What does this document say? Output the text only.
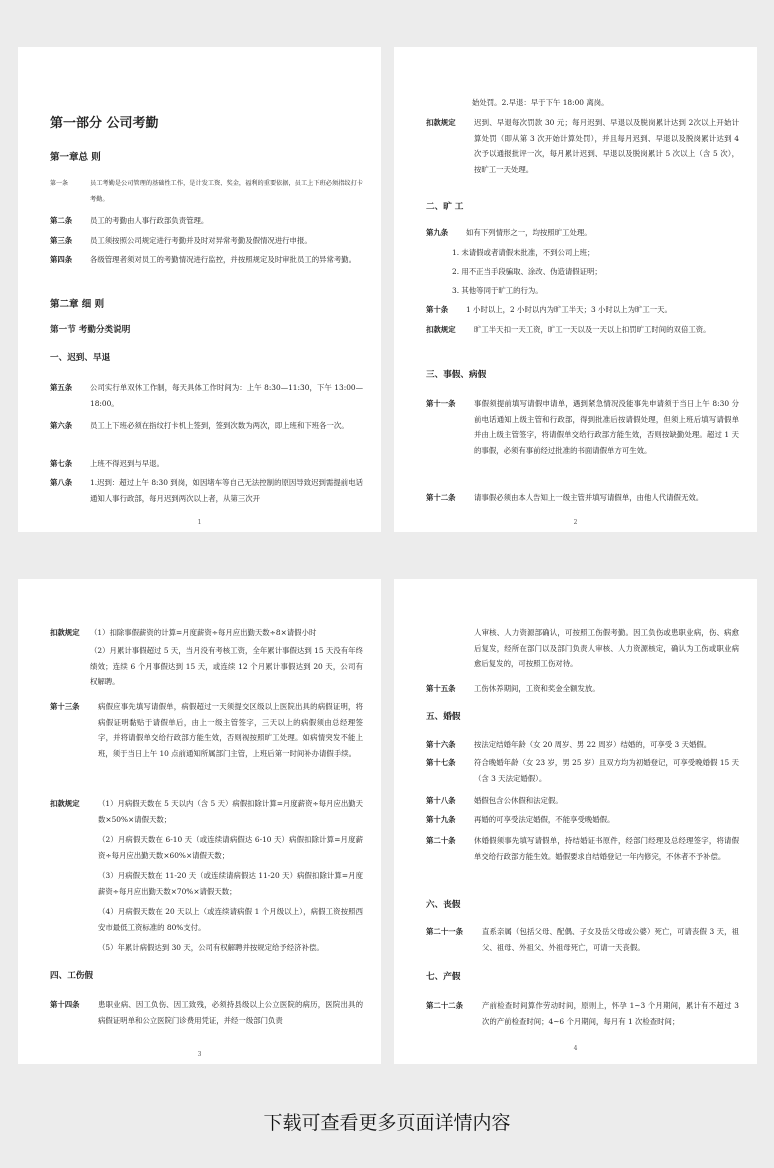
第一部分 公司考勤
第一章总 则
第一条	员工考勤是公司管理的基础性工作，是计发工资、奖金，福利的重要依据，员工上下班必须指纹打卡考勤。
第二条 员工的考勤由人事行政部负责管理。
第三条 员工须按照公司规定进行考勤并及时对异常考勤及假情况进行申报。
第四条 各级管理者须对员工的考勤情况进行监控，并按照规定及时审批员工的异常考勤。
第二章 细 则
第一节 考勤分类说明
一、迟到、早退
第五条 公司实行单双休工作制，每天具体工作时间为：上午 8:30—11:30，下午 13:00—18:00。
第六条 员工上下班必须在指纹打卡机上签到，签到次数为两次，即上班和下班各一次。
第七条 上班不得迟到与早退。
第八条 1.迟到：超过上午 8:30 到岗，如因堵车等自己无法控制的原因导致迟到需提前电话通知人事行政部，每月迟到两次以上者，从第三次开
1
始处罚。2.早退：早于下午 18:00 离岗。
扣款规定 迟到、早退每次罚款 30 元；每月迟到、早退以及脱岗累计达到 2次以上开始计算处罚（即从第 3 次开始计算处罚），并且每月迟到、早退以及脱岗累计达到 4 次予以通报批评一次，每月累计迟到、早退以及脱岗累计 5 次以上（含 5 次），按旷工一天处理。
二、旷 工
第九条 如有下列情形之一，均按照旷工处理。
1. 未请假或者请假未批准，不到公司上班；
2. 用不正当手段骗取、涂改、伪造请假证明；
3. 其他等同于旷工的行为。
第十条 1 小时以上，2 小时以内为旷工半天；3 小时以上为旷工一天。
扣款规定 旷工半天扣一天工资，旷工一天以及一天以上扣罚旷工时间的双倍工资。
三、事假、病假
第十一条 事假须提前填写请假申请单，遇到紧急情况没能事先申请须于当日上午 8:30 分前电话通知上级主管和行政部，得到批准后按请假处理，但须上班后填写请假单并由上级主管签字，将请假单交给行政部方能生效，否则按缺勤处理。超过 1 天的事假，必须有事前经过批准的书面请假单方可生效。
第十二条 请事假必须由本人告知上一级主管并填写请假单，由他人代请假无效。
2
扣款规定 （1）扣除事假薪资的计算=月度薪资÷每月应出勤天数÷8×请假小时
（2）月累计事假超过 5 天，当月没有考核工资，全年累计事假达到 15 天没有年终绩效；连续 6 个月事假达到 15 天，或连续 12 个月累计事假达到 20 天，公司有权解聘。
第十三条 病假应事先填写请假单，病假超过一天须提交区级以上医院出具的病假证明，将病假证明黏贴于请假单后，由上一级主管签字，三天以上的病假须由总经理签字，并将请假单交给行政部方能生效，否则视按照旷工处理。如病情突发不能上班，须于当日上午 10 点前通知所属部门主管，上班后第一时间补办请假手续。
扣款规定 （1）月病假天数在 5 天以内（含 5 天）病假扣除计算=月度薪资÷每月应出勤天数×50%×请假天数；
（2）月病假天数在 6-10 天（或连续请病假达 6-10 天）病假扣除计算=月度薪资÷每月应出勤天数×60%×请假天数；
（3）月病假天数在 11-20 天（或连续请病假达 11-20 天）病假扣除计算=月度薪资÷每月应出勤天数×70%×请假天数；
（4）月病假天数在 20 天以上（或连续请病假 1 个月级以上），病假工资按照西安市最低工资标准的 80%支付。
（5）年累计病假达到 30 天，公司有权解聘并按规定给予经济补偿。
四、工伤假
第十四条 患职业病、因工负伤、因工致残，必须持县级以上公立医院的病历，医院出具的病假证明单和公立医院门诊费用凭证，并经一级部门负责
3
人审核、人力资源部确认，可按照工伤假考勤。因工负伤或患职业病，伤、病愈后复发，经所在部门以及部门负责人审核、人力资源核定，确认为工伤或职业病愈后复发的，可按照工伤对待。
第十五条 工伤休养期间，工资和奖金全额发放。
五、婚假
第十六条 按法定结婚年龄（女 20 周岁、男 22 周岁）结婚的，可享受 3 天婚假。
第十七条 符合晚婚年龄（女 23 岁，男 25 岁）且双方均为初婚登记，可享受晚婚假 15 天（含 3 天法定婚假）。
第十八条 婚假包含公休假和法定假。
第十九条 再婚的可享受法定婚假，不能享受晚婚假。
第二十条 休婚假须事先填写请假单，持结婚证书原件，经部门经理及总经理签字，将请假单交给行政部方能生效。婚假要求自结婚登记一年内修完，不休者不予补偿。
六、丧假
第二十一条	直系亲属（包括父母、配偶、子女及岳父母或公婆）死亡，可请丧假 3 天，祖父、祖母、外祖父、外祖母死亡，可请一天丧假。
七、产假
第二十二条	产前检查时间算作劳动时间，原则上，怀孕 1~3 个月期间，累计有不超过 3 次的产前检查时间；4~6 个月期间，每月有 1 次检查时间；
4
下载可查看更多页面详情内容
